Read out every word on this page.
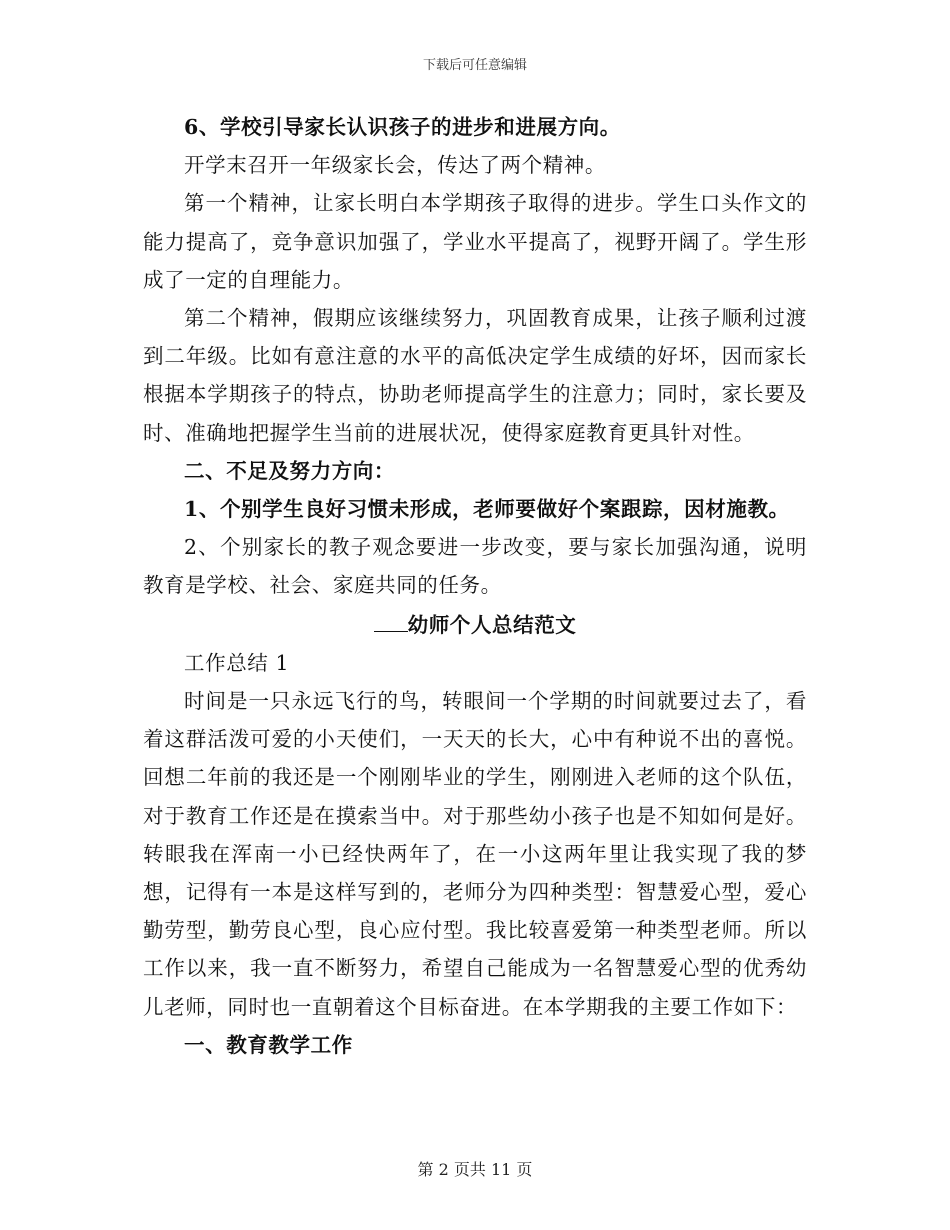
下载后可任意编辑

6、学校引导家长认识孩子的进步和进展方向。

开学末召开一年级家长会，传达了两个精神。

第一个精神，让家长明白本学期孩子取得的进步。学生口头作文的能力提高了，竞争意识加强了，学业水平提高了，视野开阔了。学生形成了一定的自理能力。

第二个精神，假期应该继续努力，巩固教育成果，让孩子顺利过渡到二年级。比如有意注意的水平的高低决定学生成绩的好坏，因而家长根据本学期孩子的特点，协助老师提高学生的注意力；同时，家长要及时、准确地把握学生当前的进展状况，使得家庭教育更具针对性。

二、不足及努力方向：

1、个别学生良好习惯未形成，老师要做好个案跟踪，因材施教。

2、个别家长的教子观念要进一步改变，要与家长加强沟通，说明教育是学校、社会、家庭共同的任务。

幼师个人总结范文

工作总结 1

时间是一只永远飞行的鸟，转眼间一个学期的时间就要过去了，看着这群活泼可爱的小天使们，一天天的长大，心中有种说不出的喜悦。回想二年前的我还是一个刚刚毕业的学生，刚刚进入老师的这个队伍，对于教育工作还是在摸索当中。对于那些幼小孩子也是不知如何是好。转眼我在浑南一小已经快两年了，在一小这两年里让我实现了我的梦想，记得有一本是这样写到的，老师分为四种类型：智慧爱心型，爱心勤劳型，勤劳良心型，良心应付型。我比较喜爱第一种类型老师。所以工作以来，我一直不断努力，希望自己能成为一名智慧爱心型的优秀幼儿老师，同时也一直朝着这个目标奋进。在本学期我的主要工作如下：

一、教育教学工作

第 2 页共 11 页
